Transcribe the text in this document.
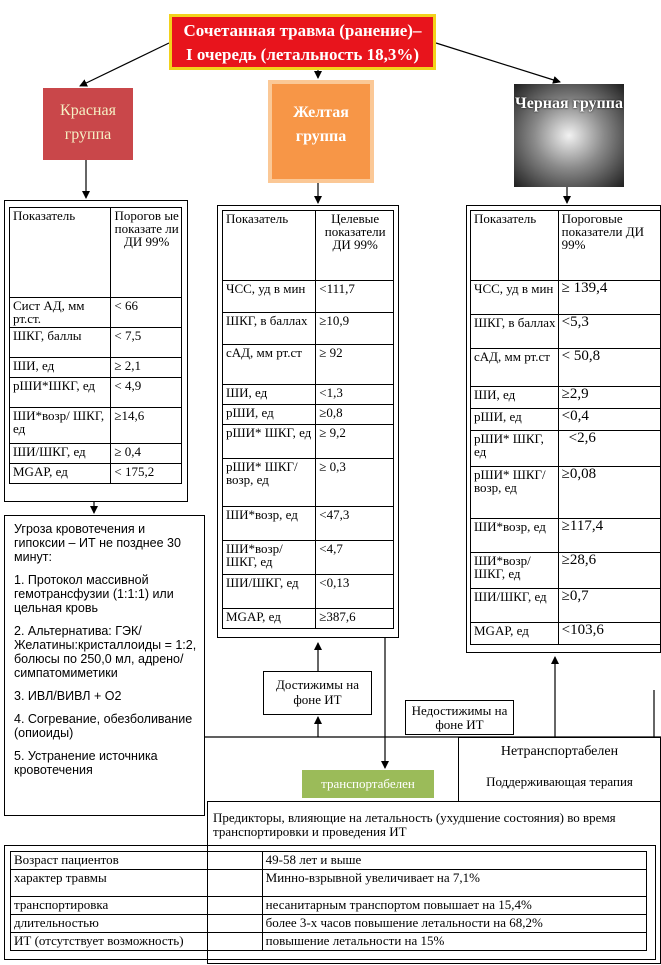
Сочетанная травма (ранение)–
I очередь (летальность 18,3%)
Красная группа
Желтая группа
Черная группа
Показатель	Порогов ые показате ли ДИ 99%
Сист АД, мм рт.ст.	< 66
ШКГ, баллы	< 7,5
ШИ, ед	≥ 2,1
рШИ*ШКГ, ед	< 4,9
ШИ*возр/ ШКГ, ед	≥14,6
ШИ/ШКГ, ед	≥ 0,4
MGAP, ед	< 175,2
Показатель	Целевые показатели ДИ 99%
ЧСС, уд в мин	<111,7
ШКГ, в баллах	≥10,9
сАД, мм рт.ст	≥ 92
ШИ, ед	<1,3
рШИ, ед	≥0,8
рШИ* ШКГ, ед	≥ 9,2
рШИ* ШКГ/ возр, ед	≥ 0,3
ШИ*возр, ед	<47,3
ШИ*возр/ ШКГ, ед	<4,7
ШИ/ШКГ, ед	<0,13
MGAP, ед	≥387,6
Показатель	Пороговые показатели ДИ 99%
ЧСС, уд в мин	≥ 139,4
ШКГ, в баллах	<5,3
сАД, мм рт.ст	< 50,8
ШИ, ед	≥2,9
рШИ, ед	<0,4
рШИ* ШКГ, ед	<2,6
рШИ* ШКГ/ возр, ед	≥0,08
ШИ*возр, ед	≥117,4
ШИ*возр/ ШКГ, ед	≥28,6
ШИ/ШКГ, ед	≥0,7
MGAP, ед	<103,6

Угроза кровотечения и гипоксии – ИТ не позднее 30 минут:

1. Протокол массивной гемотрансфузии (1:1:1) или цельная кровь

2. Альтернатива: ГЭК/Желатины:кристаллоиды = 1:2, болюсы по 250,0 мл, адрено/симпатомиметики

3. ИВЛ/ВИВЛ + О2

4. Согревание, обезболивание (опиоиды)

5. Устранение источника кровотечения

Достижимы на фоне ИТ
Нетранспортабелен
Поддерживающая терапия
Недостижимы на фоне ИТ
транспортабелен
Предикторы, влияющие на летальность (ухудшение состояния) во время транспортировки и проведения ИТ
Возраст пациентов	49-58 лет и выше
характер травмы	Минно-взрывной увеличивает на 7,1%
транспортировка	несанитарным транспортом повышает на 15,4%
длительностью	более 3-х часов повышение летальности на 68,2%
ИТ (отсутствует возможность)	повышение летальности на 15%
